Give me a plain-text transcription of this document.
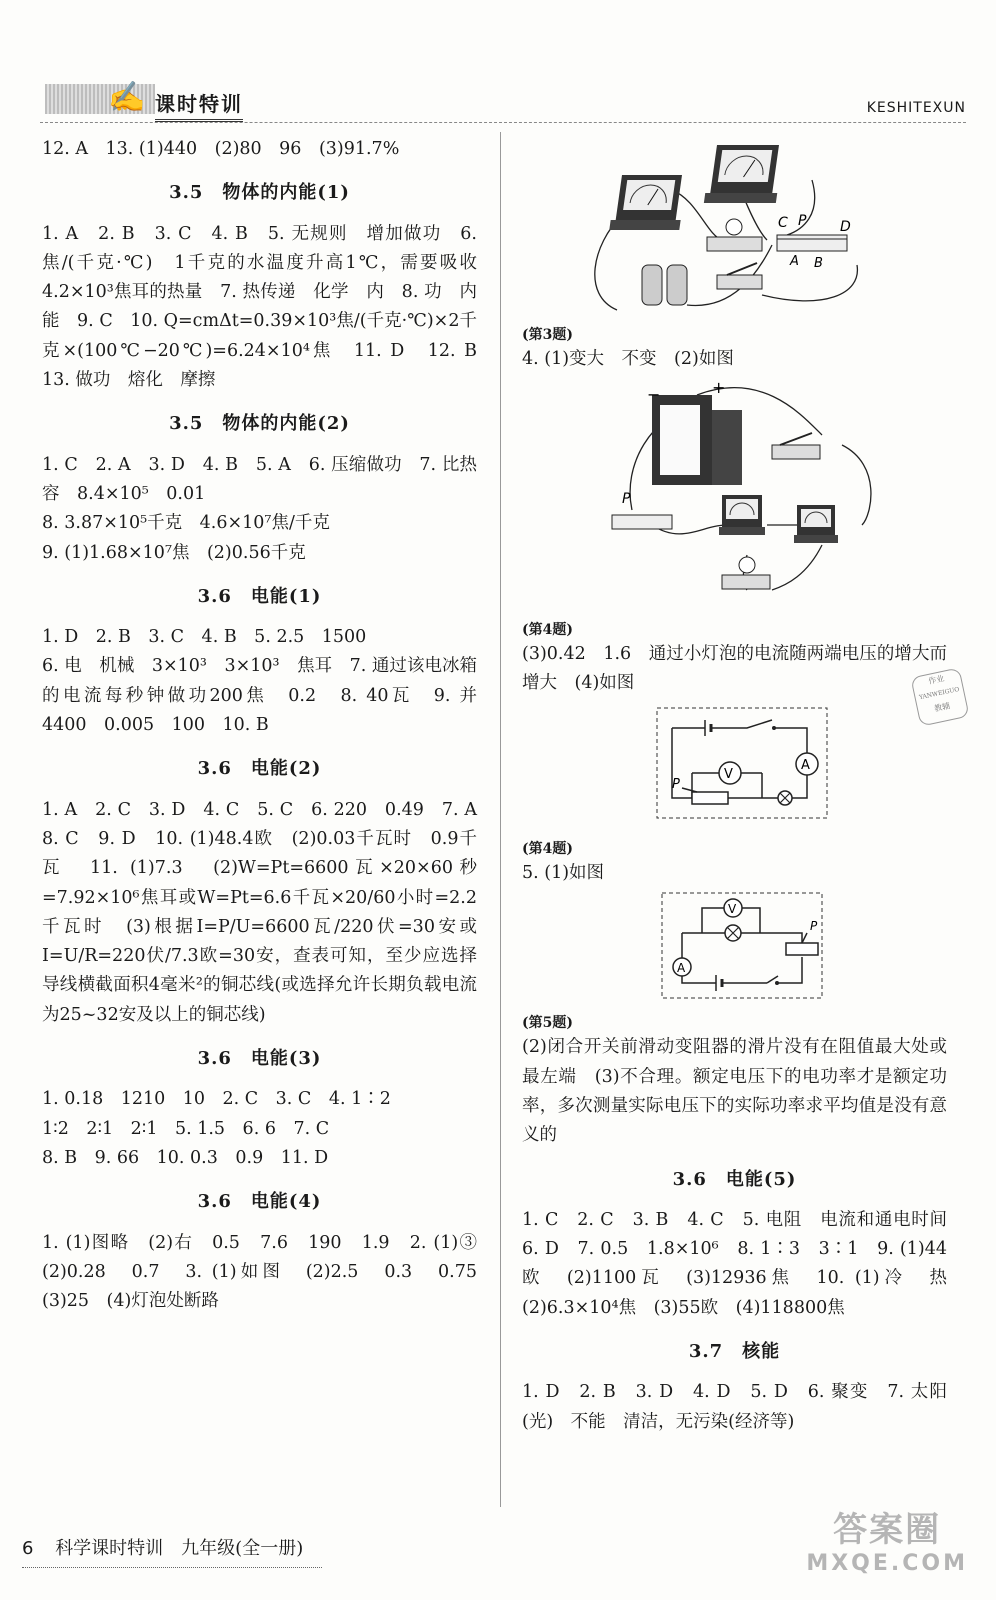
✍ 课时特训	KESHITEXUN

12. A　13. (1)440　(2)80　96　(3)91.7%

3.5　物体的内能(1)

1. A　2. B　3. C　4. B　5. 无规则　增加做功　6. 焦/(千克·℃)　1千克的水温度升高1℃，需要吸收4.2×10³焦耳的热量　7. 热传递　化学　内　8. 功　内能　9. C　10. Q=cmΔt=0.39×10³焦/(千克·℃)×2千克×(100℃−20℃)=6.24×10⁴焦　11. D　12. B　13. 做功　熔化　摩擦

3.5　物体的内能(2)

1. C　2. A　3. D　4. B　5. A　6. 压缩做功　7. 比热容　8.4×10⁵　0.01

8. 3.87×10⁵千克　4.6×10⁷焦/千克

9. (1)1.68×10⁷焦　(2)0.56千克

3.6　电能(1)

1. D　2. B　3. C　4. B　5. 2.5　1500

6. 电　机械　3×10³　3×10³　焦耳　7. 通过该电冰箱的电流每秒钟做功200焦　0.2　8. 40瓦　9. 并　4400　0.005　100　10. B

3.6　电能(2)

1. A　2. C　3. D　4. C　5. C　6. 220　0.49　7. A　8. C　9. D　10. (1)48.4欧　(2)0.03千瓦时　0.9千瓦　11. (1)7.3　(2)W=Pt=6600瓦×20×60秒=7.92×10⁶焦耳或W=Pt=6.6千瓦×20/60小时=2.2千瓦时　(3)根据I=P/U=6600瓦/220伏=30安或I=U/R=220伏/7.3欧=30安，查表可知，至少应选择导线横截面积4毫米²的铜芯线(或选择允许长期负载电流为25~32安及以上的铜芯线)

3.6　电能(3)

1. 0.18　1210　10　2. C　3. C　4. 1∶2

1∶2　2∶1　2∶1　5. 1.5　6. 6　7. C

8. B　9. 66　10. 0.3　0.9　11. D

3.6　电能(4)

1. (1)图略　(2)右　0.5　7.6　190　1.9　2. (1)③　(2)0.28　0.7　3. (1)如图　(2)2.5　0.3　0.75　(3)25　(4)灯泡处断路

C P D
A B

(第3题)

4. (1)变大　不变　(2)如图

−	+
P

(第4题)

(3)0.42　1.6　通过小灯泡的电流随两端电压的增大而增大　(4)如图

A
V
P

(第4题)

5. (1)如图

V
P
A

(第5题)

(2)闭合开关前滑动变阻器的滑片没有在阻值最大处或最左端　(3)不合理。额定电压下的电功率才是额定功率，多次测量实际电压下的实际功率求平均值是没有意义的

3.6　电能(5)

1. C　2. C　3. B　4. C　5. 电阻　电流和通电时间　6. D　7. 0.5　1.8×10⁶　8. 1∶3　3∶1　9. (1)44欧　(2)1100瓦　(3)12936焦　10. (1)冷　热　(2)6.3×10⁴焦　(3)55欧　(4)118800焦

3.7　核能

1. D　2. B　3. D　4. D　5. D　6. 聚变　7. 太阳(光)　不能　清洁，无污染(经济等)

作业
YANWEIGUO
教辅
6 科学课时特训　九年级(全一册)	答案圈
MXQE.COM
